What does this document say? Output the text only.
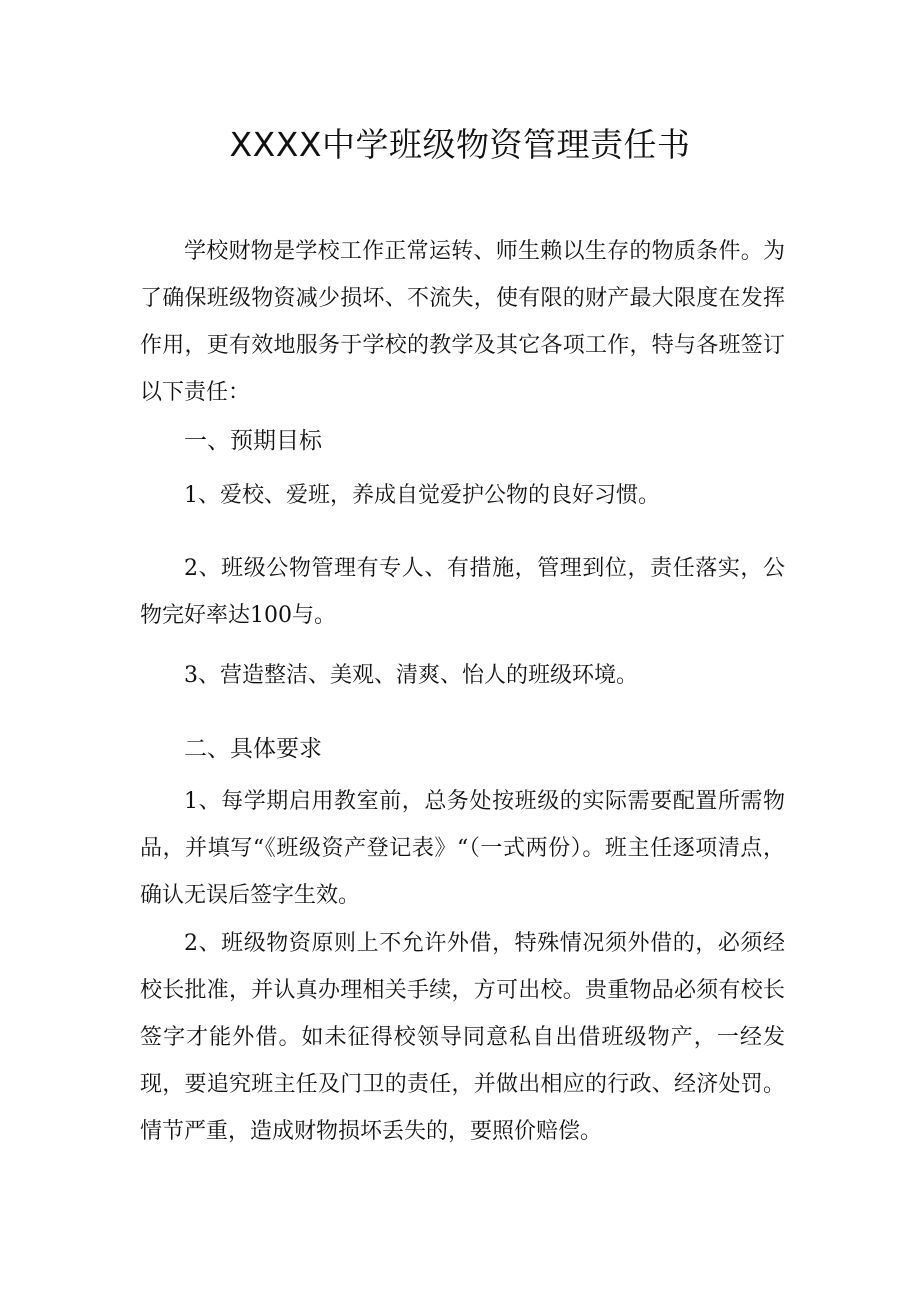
XXXX中学班级物资管理责任书

学校财物是学校工作正常运转、师生赖以生存的物质条件。为了确保班级物资减少损坏、不流失，使有限的财产最大限度在发挥作用，更有效地服务于学校的教学及其它各项工作，特与各班签订以下责任：

一、预期目标

1、爱校、爱班，养成自觉爱护公物的良好习惯。

2、班级公物管理有专人、有措施，管理到位，责任落实，公物完好率达100与。

3、营造整洁、美观、清爽、怡人的班级环境。

二、具体要求

1、每学期启用教室前，总务处按班级的实际需要配置所需物品，并填写“《班级资产登记表》“（一式两份）。班主任逐项清点，确认无误后签字生效。

2、班级物资原则上不允许外借，特殊情况须外借的，必须经校长批准，并认真办理相关手续，方可出校。贵重物品必须有校长签字才能外借。如未征得校领导同意私自出借班级物产，一经发现，要追究班主任及门卫的责任，并做出相应的行政、经济处罚。情节严重，造成财物损坏丢失的，要照价赔偿。
